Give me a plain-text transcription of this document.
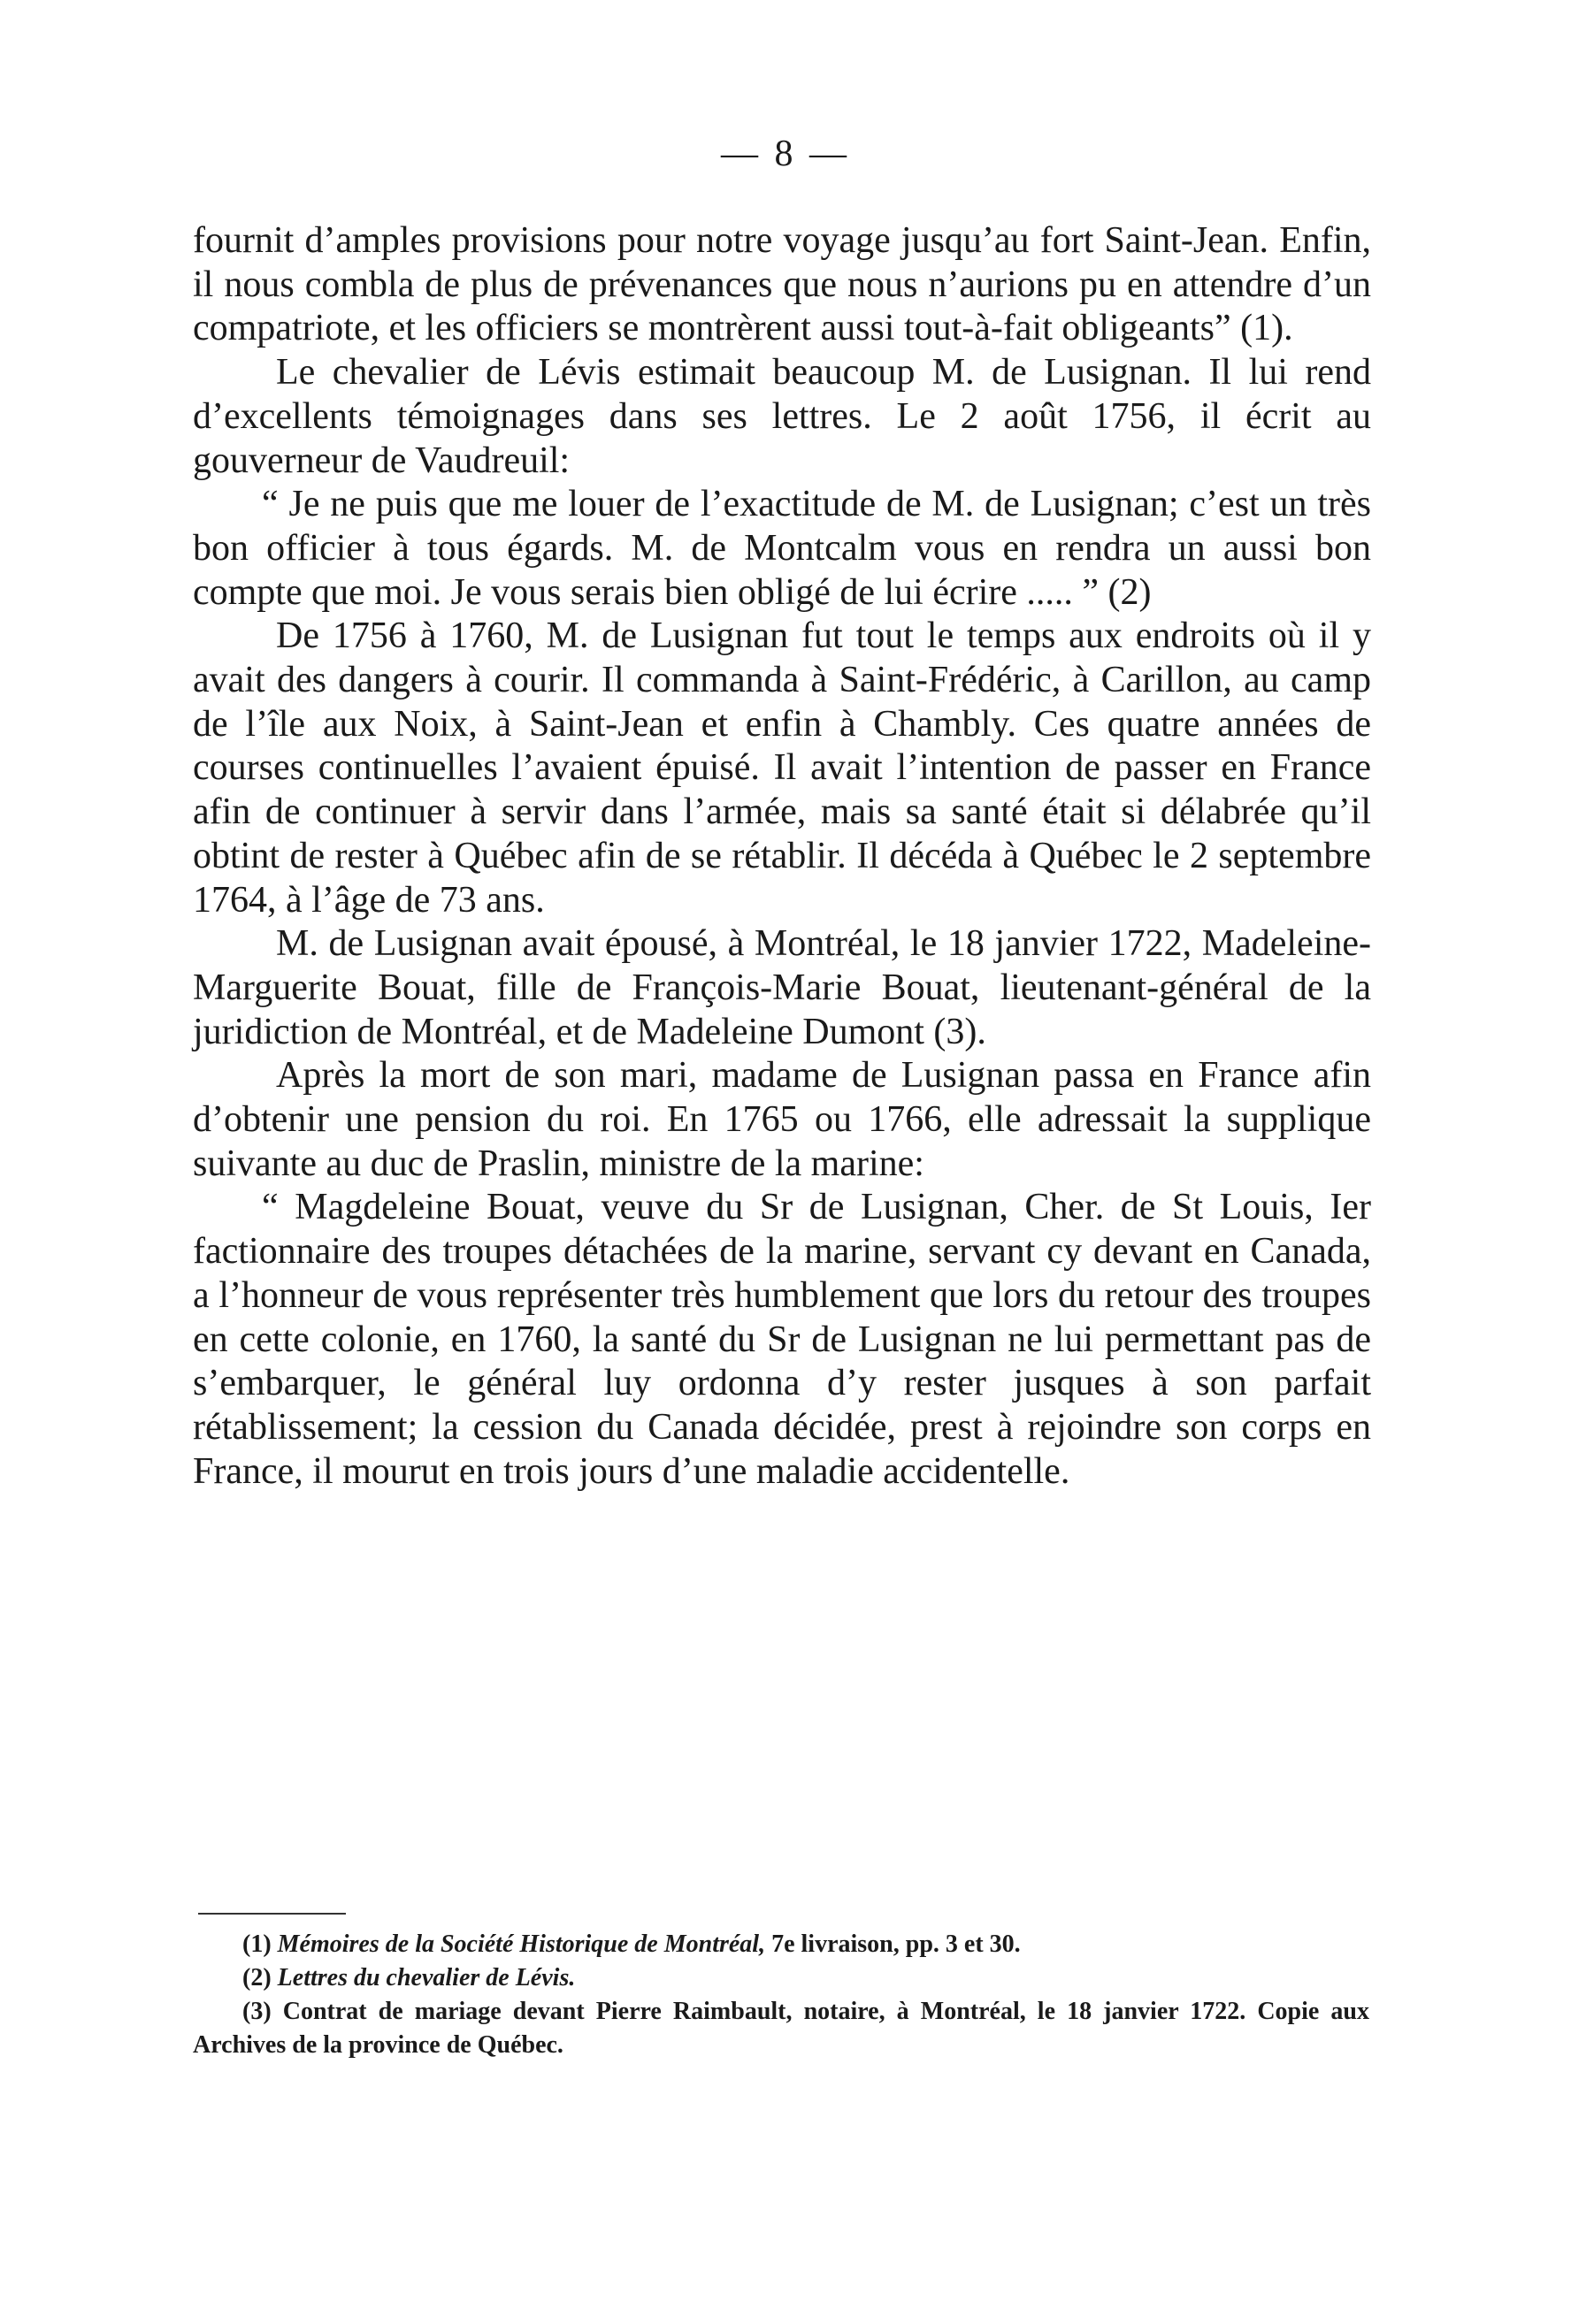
— 8 —

fournit d’amples provisions pour notre voyage jusqu’au fort Saint-Jean. Enfin, il nous combla de plus de prévenances que nous n’aurions pu en attendre d’un compatriote, et les officiers se montrèrent aussi tout-à-fait obligeants” (1).

Le chevalier de Lévis estimait beaucoup M. de Lusignan. Il lui rend d’excellents témoignages dans ses lettres. Le 2 août 1756, il écrit au gouverneur de Vaudreuil:

“ Je ne puis que me louer de l’exactitude de M. de Lusignan; c’est un très bon officier à tous égards. M. de Montcalm vous en rendra un aussi bon compte que moi. Je vous serais bien obligé de lui écrire ..... ” (2)

De 1756 à 1760, M. de Lusignan fut tout le temps aux endroits où il y avait des dangers à courir. Il commanda à Saint-Frédéric, à Carillon, au camp de l’île aux Noix, à Saint-Jean et enfin à Chambly. Ces quatre années de courses continuelles l’avaient épuisé. Il avait l’intention de passer en France afin de continuer à servir dans l’armée, mais sa santé était si délabrée qu’il obtint de rester à Québec afin de se rétablir. Il décéda à Québec le 2 septembre 1764, à l’âge de 73 ans.

M. de Lusignan avait épousé, à Montréal, le 18 janvier 1722, Madeleine-Marguerite Bouat, fille de François-Marie Bouat, lieutenant-général de la juridiction de Montréal, et de Madeleine Dumont (3).

Après la mort de son mari, madame de Lusignan passa en France afin d’obtenir une pension du roi. En 1765 ou 1766, elle adressait la supplique suivante au duc de Praslin, ministre de la marine:

“ Magdeleine Bouat, veuve du Sr de Lusignan, Cher. de St Louis, Ier factionnaire des troupes détachées de la marine, servant cy devant en Canada, a l’honneur de vous représenter très humblement que lors du retour des troupes en cette colonie, en 1760, la santé du Sr de Lusignan ne lui permettant pas de s’embarquer, le général luy ordonna d’y rester jusques à son parfait rétablissement; la cession du Canada décidée, prest à rejoindre son corps en France, il mourut en trois jours d’une maladie accidentelle.

(1) Mémoires de la Société Historique de Montréal, 7e livraison, pp. 3 et 30.

(2) Lettres du chevalier de Lévis.

(3) Contrat de mariage devant Pierre Raimbault, notaire, à Montréal, le 18 janvier 1722. Copie aux Archives de la province de Québec.
